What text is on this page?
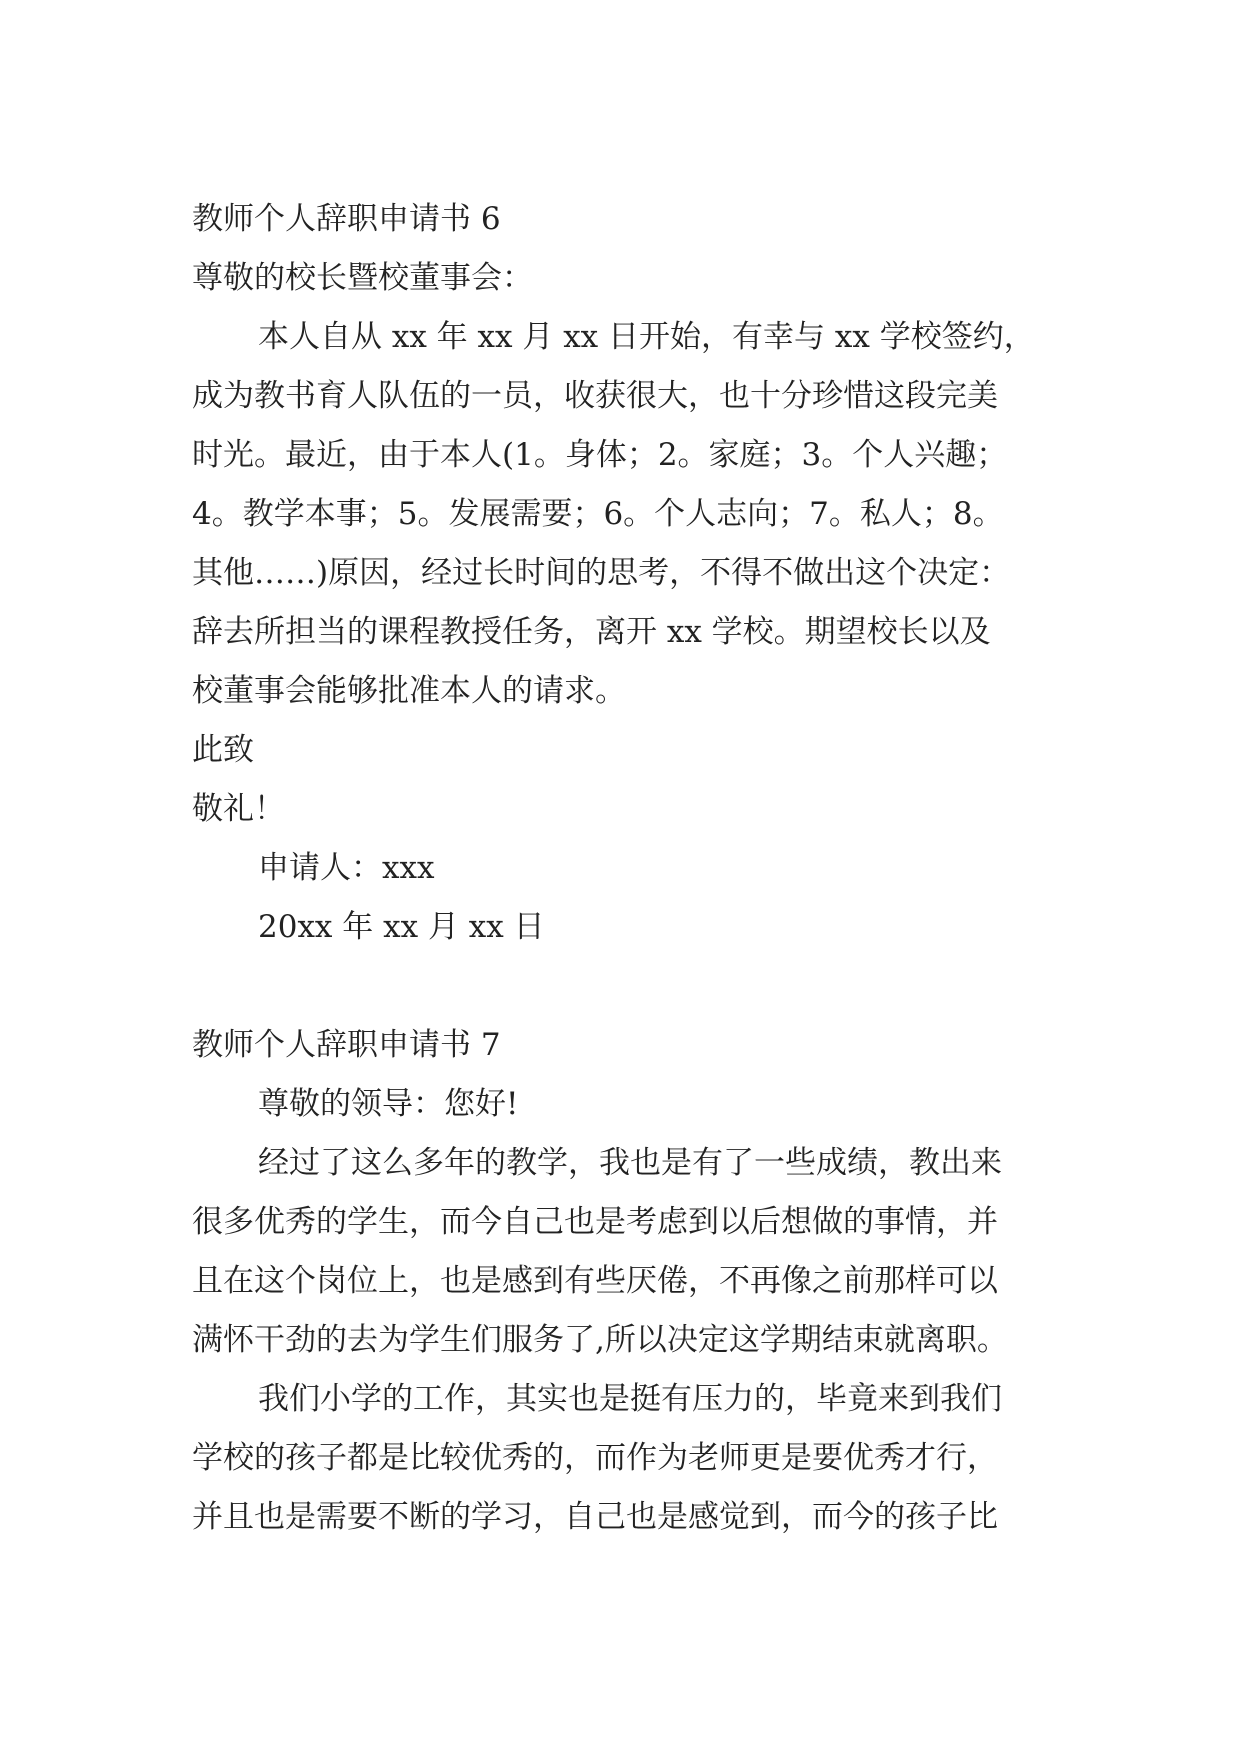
教师个人辞职申请书 6
尊敬的校长暨校董事会：
本人自从 xx 年 xx 月 xx 日开始，有幸与 xx 学校签约，
成为教书育人队伍的一员，收获很大，也十分珍惜这段完美
时光。最近，由于本人(1。身体；2。家庭；3。个人兴趣；
4。教学本事；5。发展需要；6。个人志向；7。私人；8。
其他……)原因，经过长时间的思考，不得不做出这个决定：
辞去所担当的课程教授任务，离开 xx 学校。期望校长以及
校董事会能够批准本人的请求。
此致
敬礼！
申请人：xxx
20xx 年 xx 月 xx 日
教师个人辞职申请书 7
尊敬的领导：您好!
经过了这么多年的教学，我也是有了一些成绩，教出来
很多优秀的学生，而今自己也是考虑到以后想做的事情，并
且在这个岗位上，也是感到有些厌倦，不再像之前那样可以
满怀干劲的去为学生们服务了,所以决定这学期结束就离职。
我们小学的工作，其实也是挺有压力的，毕竟来到我们
学校的孩子都是比较优秀的，而作为老师更是要优秀才行，
并且也是需要不断的学习，自己也是感觉到，而今的孩子比
